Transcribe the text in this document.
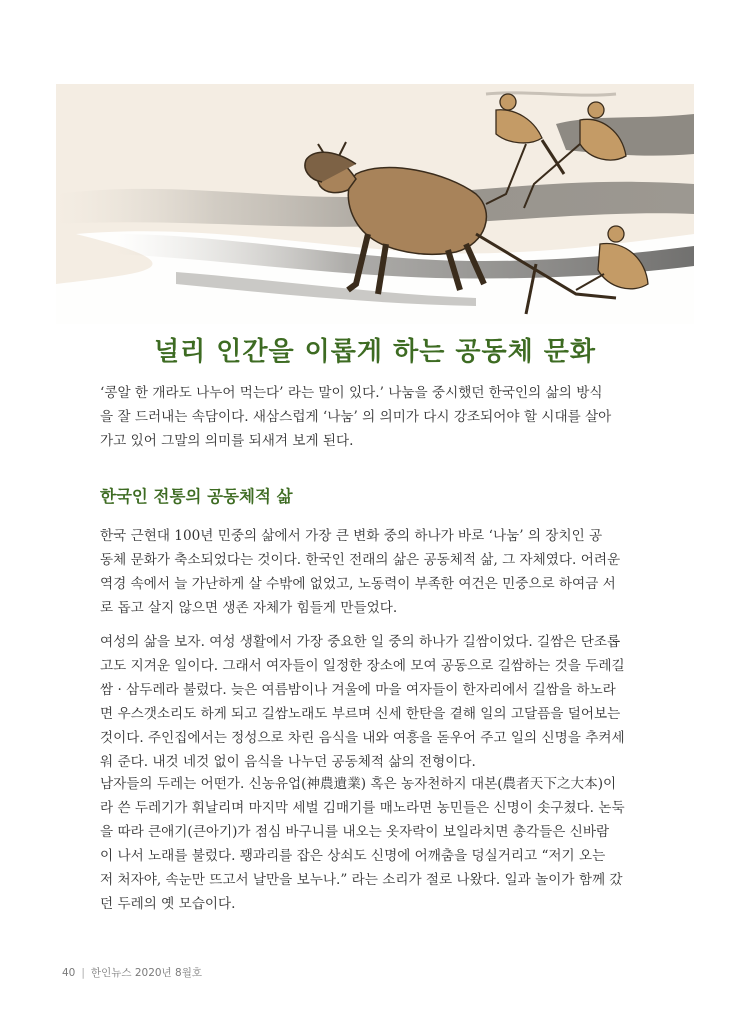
널리 인간을 이롭게 하는 공동체 문화

‘콩알 한 개라도 나누어 먹는다’ 라는 말이 있다.’ 나눔을 중시했던 한국인의 삶의 방식
을 잘 드러내는 속담이다. 새삼스럽게 ‘나눔’ 의 의미가 다시 강조되어야 할 시대를 살아
가고 있어 그말의 의미를 되새겨 보게 된다.

한국인 전통의 공동체적 삶

한국 근현대 100년 민중의 삶에서 가장 큰 변화 중의 하나가 바로 ‘나눔’ 의 장치인 공
동체 문화가 축소되었다는 것이다. 한국인 전래의 삶은 공동체적 삶, 그 자체였다. 어려운
역경 속에서 늘 가난하게 살 수밖에 없었고, 노동력이 부족한 여건은 민중으로 하여금 서
로 돕고 살지 않으면 생존 자체가 힘들게 만들었다.

여성의 삶을 보자. 여성 생활에서 가장 중요한 일 중의 하나가 길쌈이었다. 길쌈은 단조롭
고도 지겨운 일이다. 그래서 여자들이 일정한 장소에 모여 공동으로 길쌈하는 것을 두레길
쌈 · 삼두레라 불렀다. 늦은 여름밤이나 겨울에 마을 여자들이 한자리에서 길쌈을 하노라
면 우스갯소리도 하게 되고 길쌈노래도 부르며 신세 한탄을 곁해 일의 고달픔을 덜어보는
것이다. 주인집에서는 정성으로 차린 음식을 내와 여흥을 돋우어 주고 일의 신명을 추켜세
워 준다. 내것 네것 없이 음식을 나누던 공동체적 삶의 전형이다.

남자들의 두레는 어떤가. 신농유업(神農遺業) 혹은 농자천하지 대본(農者天下之大本)이
라 쓴 두레기가 휘날리며 마지막 세벌 김매기를 매노라면 농민들은 신명이 솟구쳤다. 논둑
을 따라 큰애기(큰아기)가 점심 바구니를 내오는 옷자락이 보일라치면 총각들은 신바람
이 나서 노래를 불렀다. 꽹과리를 잡은 상쇠도 신명에 어깨춤을 덩실거리고 “저기 오는
저 처자야, 속눈만 뜨고서 날만을 보누나.” 라는 소리가 절로 나왔다. 일과 놀이가 함께 갔
던 두레의 옛 모습이다.

40 | 한인뉴스 2020년 8월호
